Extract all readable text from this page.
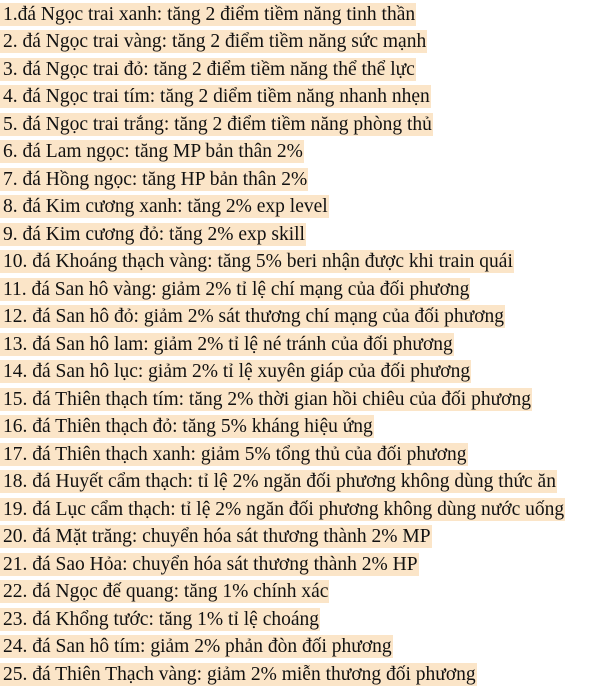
1.đá Ngọc trai xanh: tăng 2 điểm tiềm năng tinh thần
2. đá Ngọc trai vàng: tăng 2 điểm tiềm năng sức mạnh
3. đá Ngọc trai đỏ: tăng 2 điểm tiềm năng thể thể lực
4. đá Ngọc trai tím: tăng 2 diểm tiềm năng nhanh nhẹn
5. đá Ngọc trai trắng: tăng 2 điểm tiềm năng phòng thủ
6. đá Lam ngọc: tăng MP bản thân 2%
7. đá Hồng ngọc: tăng HP bản thân 2%
8. đá Kim cương xanh: tăng 2% exp level
9. đá Kim cương đỏ: tăng 2% exp skill
10. đá Khoáng thạch vàng: tăng 5% beri nhận được khi train quái
11. đá San hô vàng: giảm 2% tỉ lệ chí mạng của đối phương
12. đá San hô đỏ: giảm 2% sát thương chí mạng của đối phương
13. đá San hô lam: giảm 2% tỉ lệ né tránh của đối phương
14. đá San hô lục: giảm 2% tỉ lệ xuyên giáp của đối phương
15. đá Thiên thạch tím: tăng 2% thời gian hồi chiêu của đối phương
16. đá Thiên thạch đỏ: tăng 5% kháng hiệu ứng
17. đá Thiên thạch xanh: giảm 5% tổng thủ của đối phương
18. đá Huyết cẩm thạch: tỉ lệ 2% ngăn đối phương không dùng thức ăn
19. đá Lục cẩm thạch: tỉ lệ 2% ngăn đối phương không dùng nước uống
20. đá Mặt trăng: chuyển hóa sát thương thành 2% MP
21. đá Sao Hỏa: chuyển hóa sát thương thành 2% HP
22. đá Ngọc đế quang: tăng 1% chính xác
23. đá Khổng tước: tăng 1% tỉ lệ choáng
24. đá San hô tím: giảm 2% phản đòn đối phương
25. đá Thiên Thạch vàng: giảm 2% miễn thương đối phương
